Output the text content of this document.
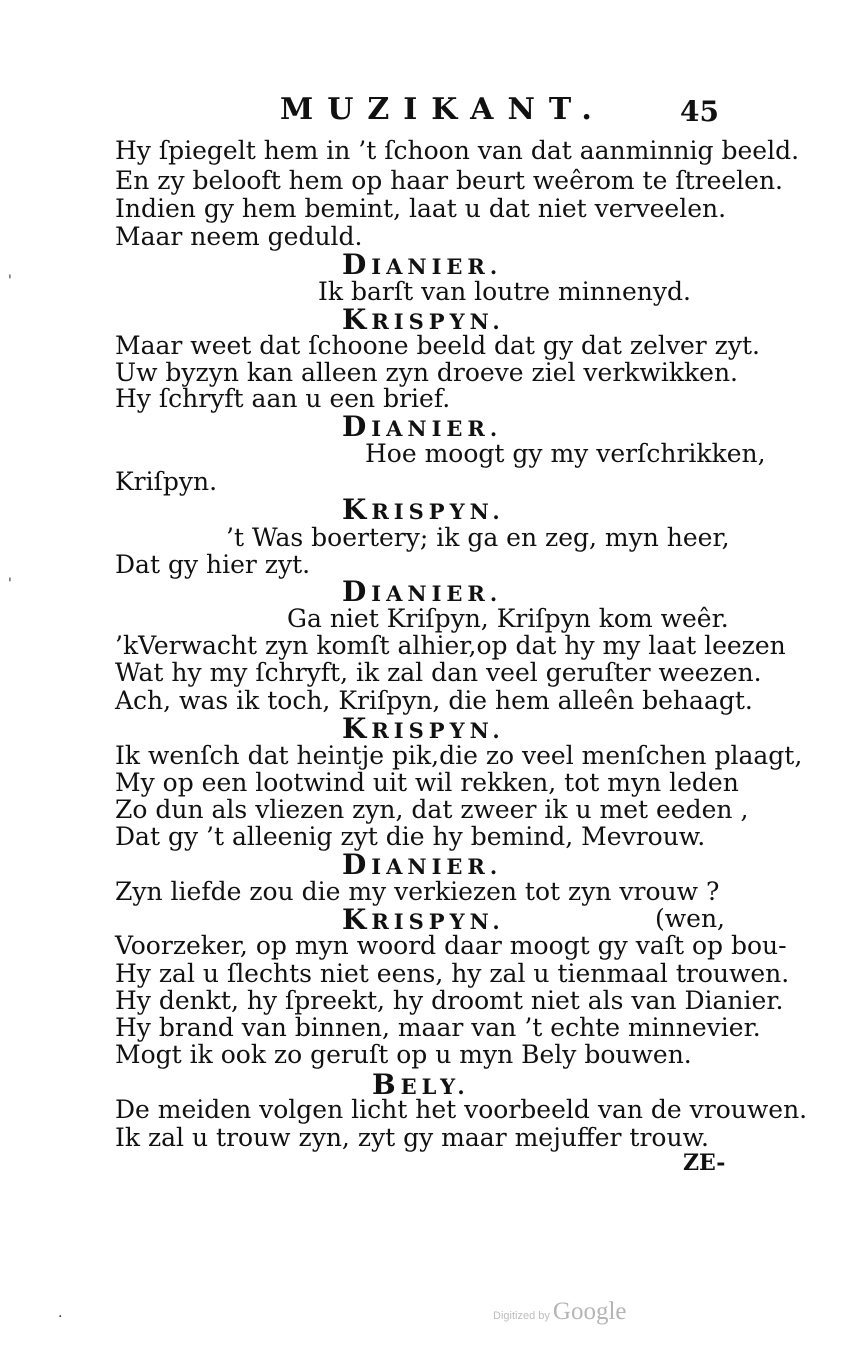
MUZIKANT.	45
Hy ſpiegelt hem in ’t ſchoon van dat aanminnig beeld.
En zy belooft hem op haar beurt weêrom te ſtreelen.
Indien gy hem bemint, laat u dat niet verveelen.
Maar neem geduld.
DIANIER.
Ik barſt van loutre minnenyd.
KRISPYN.
Maar weet dat ſchoone beeld dat gy dat zelver zyt.
Uw byzyn kan alleen zyn droeve ziel verkwikken.
Hy ſchryft aan u een brief.
DIANIER.
Hoe moogt gy my verſchrikken,
Kriſpyn.
KRISPYN.
’t Was boertery; ik ga en zeg, myn heer,
Dat gy hier zyt.
DIANIER.
Ga niet Kriſpyn, Kriſpyn kom weêr.
’kVerwacht zyn komſt alhier,op dat hy my laat leezen
Wat hy my ſchryft, ik zal dan veel geruſter weezen.
Ach, was ik toch, Kriſpyn, die hem alleên behaagt.
KRISPYN.
Ik wenſch dat heintje pik,die zo veel menſchen plaagt,
My op een lootwind uit wil rekken, tot myn leden
Zo dun als vliezen zyn, dat zweer ik u met eeden ,
Dat gy ’t alleenig zyt die hy bemind, Mevrouw.
DIANIER.
Zyn liefde zou die my verkiezen tot zyn vrouw ?
KRISPYN.	(wen,
Voorzeker, op myn woord daar moogt gy vaſt op bou-
Hy zal u ſlechts niet eens, hy zal u tienmaal trouwen.
Hy denkt, hy ſpreekt, hy droomt niet als van Dianier.
Hy brand van binnen, maar van ’t echte minnevier.
Mogt ik ook zo geruſt op u myn Bely bouwen.
BELY.
De meiden volgen licht het voorbeeld van de vrouwen.
Ik zal u trouw zyn, zyt gy maar mejuffer trouw.
ZE-
'
'
.	Digitized by Google
